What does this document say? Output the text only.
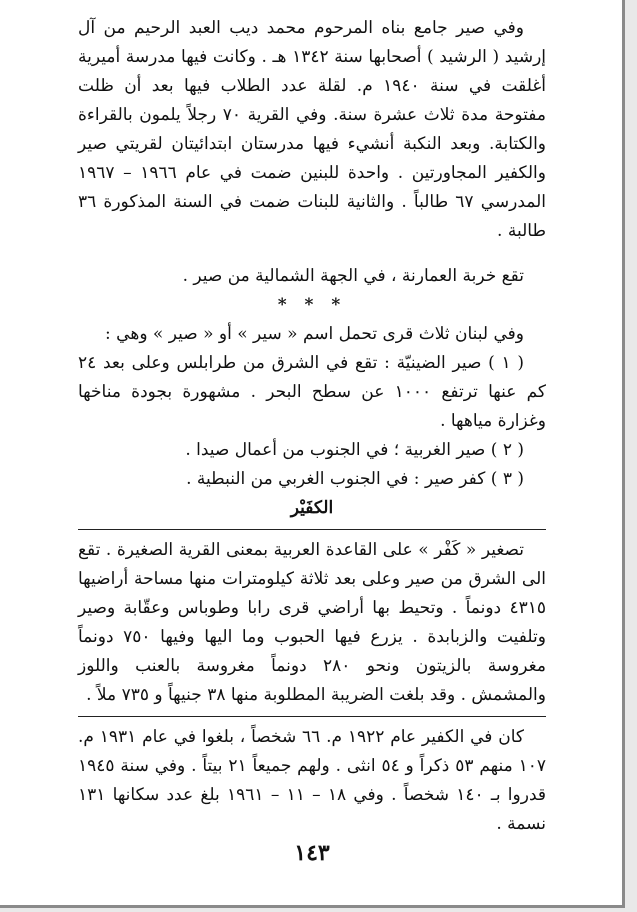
وفي صير جامع بناه المرحوم محمد ديب العبد الرحيم من آل إرشيد ( الرشيد ) أصحابها سنة ١٣٤٢ هـ . وكانت فيها مدرسة أميرية أغلقت في سنة ١٩٤٠ م. لقلة عدد الطلاب فيها بعد أن ظلت مفتوحة مدة ثلاث عشرة سنة. وفي القرية ٧٠ رجلاً يلمون بالقراءة والكتابة. وبعد النكبة أنشيء فيها مدرستان ابتدائيتان لقريتي صير والكفير المجاورتين . واحدة للبنين ضمت في عام ١٩٦٦ – ١٩٦٧ المدرسي ٦٧ طالباً . والثانية للبنات ضمت في السنة المذكورة ٣٦ طالبة .

تقع خربة العمارنة ، في الجهة الشمالية من صير .

* * *

وفي لبنان ثلاث قرى تحمل اسم « سير » أو « صير » وهي :

( ١ ) صير الضينيّة : تقع في الشرق من طرابلس وعلى بعد ٢٤ كم عنها ترتفع ١٠٠٠ عن سطح البحر . مشهورة بجودة مناخها وغزارة مياهها .

( ٢ ) صير الغربية ؛ في الجنوب من أعمال صيدا .

( ٣ ) كفر صير : في الجنوب الغربي من النبطية .

الكفَيْر

تصغير « كَفْر » على القاعدة العربية بمعنى القرية الصغيرة . تقع الى الشرق من صير وعلى بعد ثلاثة كيلومترات منها مساحة أراضيها ٤٣١٥ دونماً . وتحيط بها أراضي قرى رابا وطوباس وعقّابة وصير وتلفيت والزبابدة . يزرع فيها الحبوب وما اليها وفيها ٧٥٠ دونماً مغروسة بالزيتون ونحو ٢٨٠ دونماً مغروسة بالعنب واللوز والمشمش . وقد بلغت الضريبة المطلوبة منها ٣٨ جنيهاً و ٧٣٥ ملاً .

كان في الكفير عام ١٩٢٢ م. ٦٦ شخصاً ، بلغوا في عام ١٩٣١ م. ١٠٧ منهم ٥٣ ذكراً و ٥٤ انثى . ولهم جميعاً ٢١ بيتاً . وفي سنة ١٩٤٥ قدروا بـ ١٤٠ شخصاً . وفي ١٨ – ١١ – ١٩٦١ بلغ عدد سكانها ١٣١ نسمة .

١٤٣
